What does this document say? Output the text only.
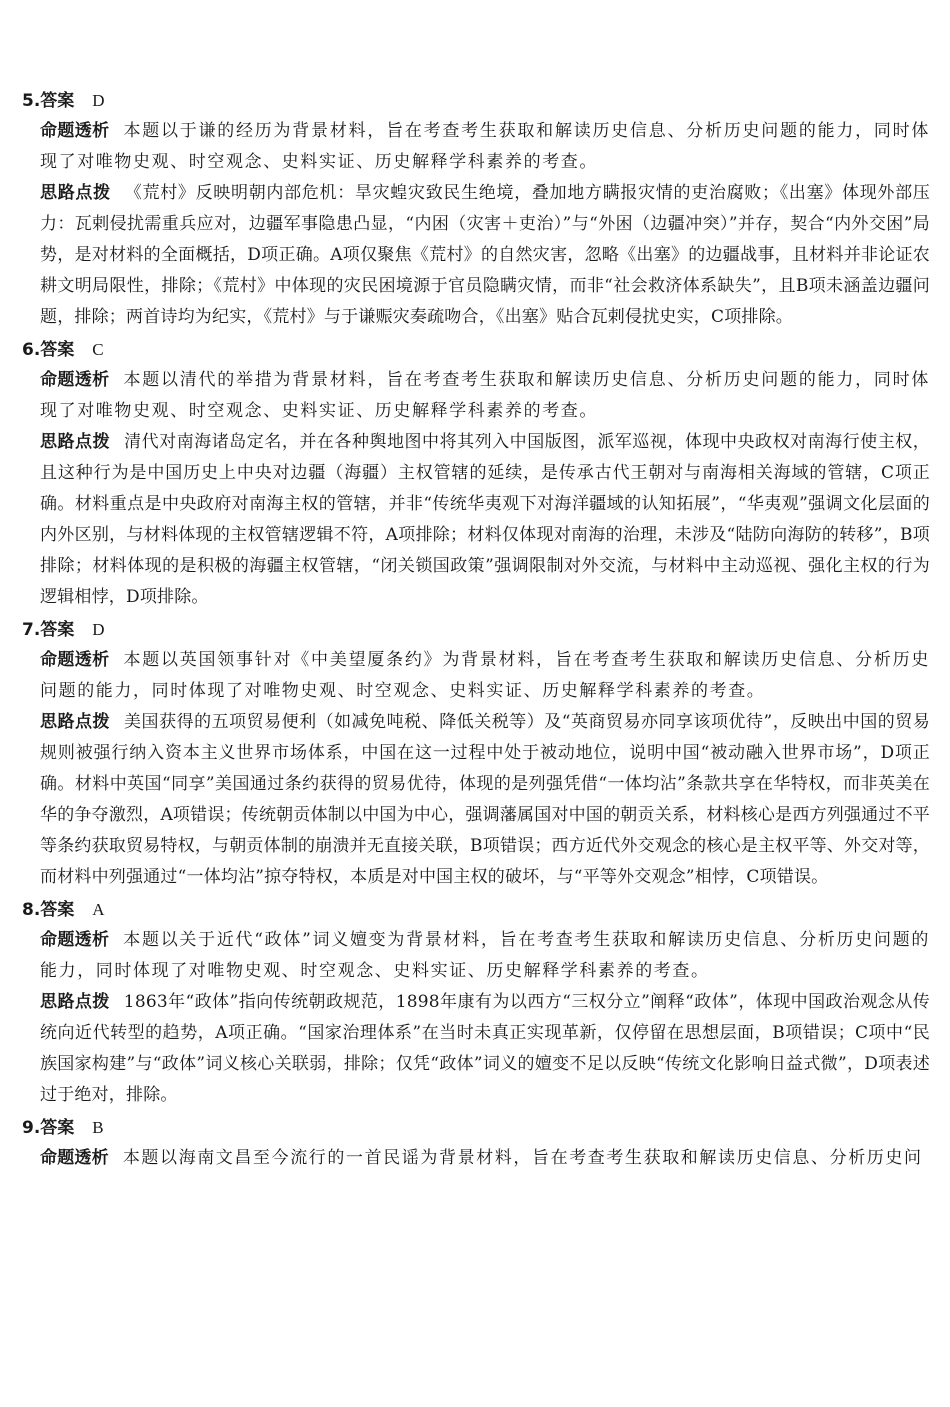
5.答案 D
命题透析 本题以于谦的经历为背景材料，旨在考查考生获取和解读历史信息、分析历史问题的能力，同时体现了对唯物史观、时空观念、史料实证、历史解释学科素养的考查。
思路点拨 《荒村》反映明朝内部危机：旱灾蝗灾致民生绝境，叠加地方瞒报灾情的吏治腐败；《出塞》体现外部压力：瓦剌侵扰需重兵应对，边疆军事隐患凸显，“内困（灾害＋吏治）”与“外困（边疆冲突）”并存，契合“内外交困”局势，是对材料的全面概括，D项正确。A项仅聚焦《荒村》的自然灾害，忽略《出塞》的边疆战事，且材料并非论证农耕文明局限性，排除；《荒村》中体现的灾民困境源于官员隐瞒灾情，而非“社会救济体系缺失”，且B项未涵盖边疆问题，排除；两首诗均为纪实，《荒村》与于谦赈灾奏疏吻合，《出塞》贴合瓦剌侵扰史实，C项排除。
6.答案 C
命题透析 本题以清代的举措为背景材料，旨在考查考生获取和解读历史信息、分析历史问题的能力，同时体现了对唯物史观、时空观念、史料实证、历史解释学科素养的考查。
思路点拨 清代对南海诸岛定名，并在各种舆地图中将其列入中国版图，派军巡视，体现中央政权对南海行使主权，且这种行为是中国历史上中央对边疆（海疆）主权管辖的延续，是传承古代王朝对与南海相关海域的管辖，C项正确。材料重点是中央政府对南海主权的管辖，并非“传统华夷观下对海洋疆域的认知拓展”，“华夷观”强调文化层面的内外区别，与材料体现的主权管辖逻辑不符，A项排除；材料仅体现对南海的治理，未涉及“陆防向海防的转移”，B项排除；材料体现的是积极的海疆主权管辖，“闭关锁国政策”强调限制对外交流，与材料中主动巡视、强化主权的行为逻辑相悖，D项排除。
7.答案 D
命题透析 本题以英国领事针对《中美望厦条约》为背景材料，旨在考查考生获取和解读历史信息、分析历史问题的能力，同时体现了对唯物史观、时空观念、史料实证、历史解释学科素养的考查。
思路点拨 美国获得的五项贸易便利（如减免吨税、降低关税等）及“英商贸易亦同享该项优待”，反映出中国的贸易规则被强行纳入资本主义世界市场体系，中国在这一过程中处于被动地位，说明中国“被动融入世界市场”，D项正确。材料中英国“同享”美国通过条约获得的贸易优待，体现的是列强凭借“一体均沾”条款共享在华特权，而非英美在华的争夺激烈，A项错误；传统朝贡体制以中国为中心，强调藩属国对中国的朝贡关系，材料核心是西方列强通过不平等条约获取贸易特权，与朝贡体制的崩溃并无直接关联，B项错误；西方近代外交观念的核心是主权平等、外交对等，而材料中列强通过“一体均沾”掠夺特权，本质是对中国主权的破坏，与“平等外交观念”相悖，C项错误。
8.答案 A
命题透析 本题以关于近代“政体”词义嬗变为背景材料，旨在考查考生获取和解读历史信息、分析历史问题的能力，同时体现了对唯物史观、时空观念、史料实证、历史解释学科素养的考查。
思路点拨 1863年“政体”指向传统朝政规范，1898年康有为以西方“三权分立”阐释“政体”，体现中国政治观念从传统向近代转型的趋势，A项正确。“国家治理体系”在当时未真正实现革新，仅停留在思想层面，B项错误；C项中“民族国家构建”与“政体”词义核心关联弱，排除；仅凭“政体”词义的嬗变不足以反映“传统文化影响日益式微”，D项表述过于绝对，排除。
9.答案 B
命题透析 本题以海南文昌至今流行的一首民谣为背景材料，旨在考查考生获取和解读历史信息、分析历史问
